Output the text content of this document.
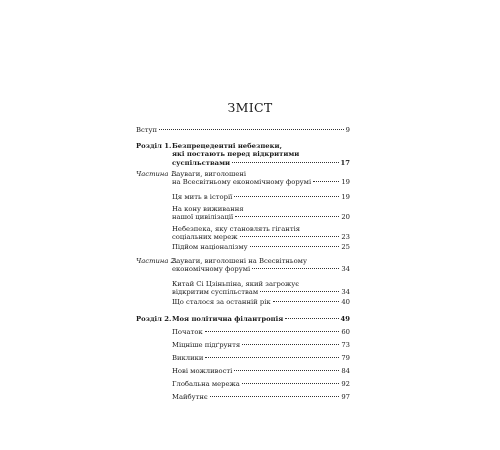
ЗМІСТ
Вступ	9
Розділ 1. Безпрецедентні небезпеки,
які постають перед відкритими
суспільствами	17
Частина 1.
Зауваги, виголошені
на Всесвітньому економічному форумі	19
Ця мить в історії	19
На кону виживання
нашої цивілізації	20
Небезпека, яку становлять гігантія
соціальних мереж	23
Підйом націоналізму	25
Частина 2.
Зауваги, виголошені на Всесвітньому
економічному форумі	34
Китай Сі Цзіньпіна, який загрожує
відкритим суспільствам	34
Що сталося за останній рік	40
Розділ 2. Моя політична філантропія	49
Початок	60
Міцніше підґрунтя	73
Виклики	79
Нові можливості	84
Глобальна мережа	92
Майбутнє	97
